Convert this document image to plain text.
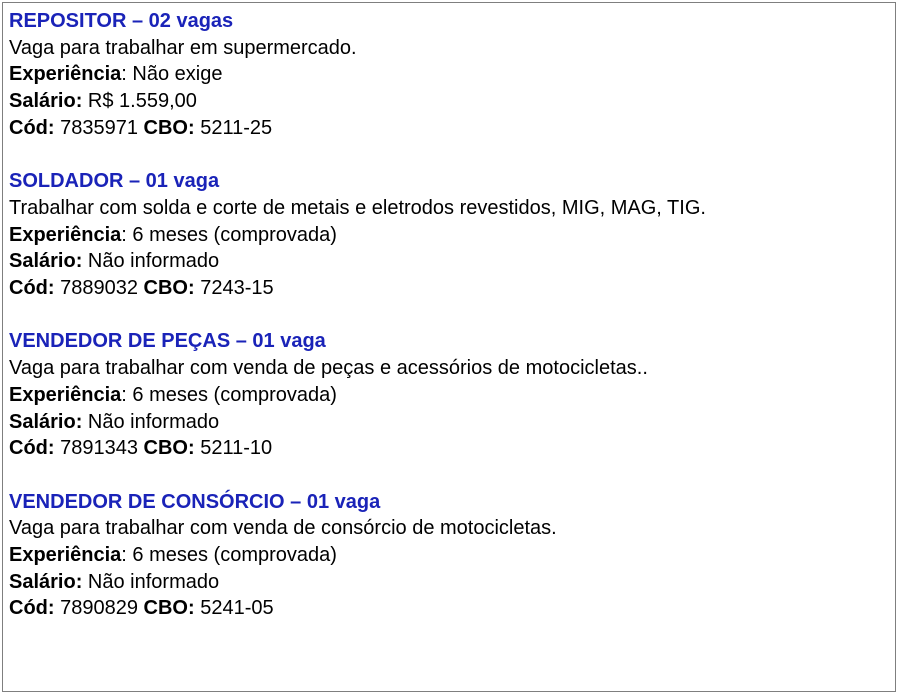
REPOSITOR – 02 vagas
Vaga para trabalhar em supermercado.
Experiência: Não exige
Salário: R$ 1.559,00
Cód: 7835971 CBO: 5211-25
SOLDADOR – 01 vaga
Trabalhar com solda e corte de metais e eletrodos revestidos, MIG, MAG, TIG.
Experiência: 6 meses (comprovada)
Salário: Não informado
Cód: 7889032 CBO: 7243-15
VENDEDOR DE PEÇAS – 01 vaga
Vaga para trabalhar com venda de peças e acessórios de motocicletas..
Experiência: 6 meses (comprovada)
Salário: Não informado
Cód: 7891343 CBO: 5211-10
VENDEDOR DE CONSÓRCIO – 01 vaga
Vaga para trabalhar com venda de consórcio de motocicletas.
Experiência: 6 meses (comprovada)
Salário: Não informado
Cód: 7890829 CBO: 5241-05
